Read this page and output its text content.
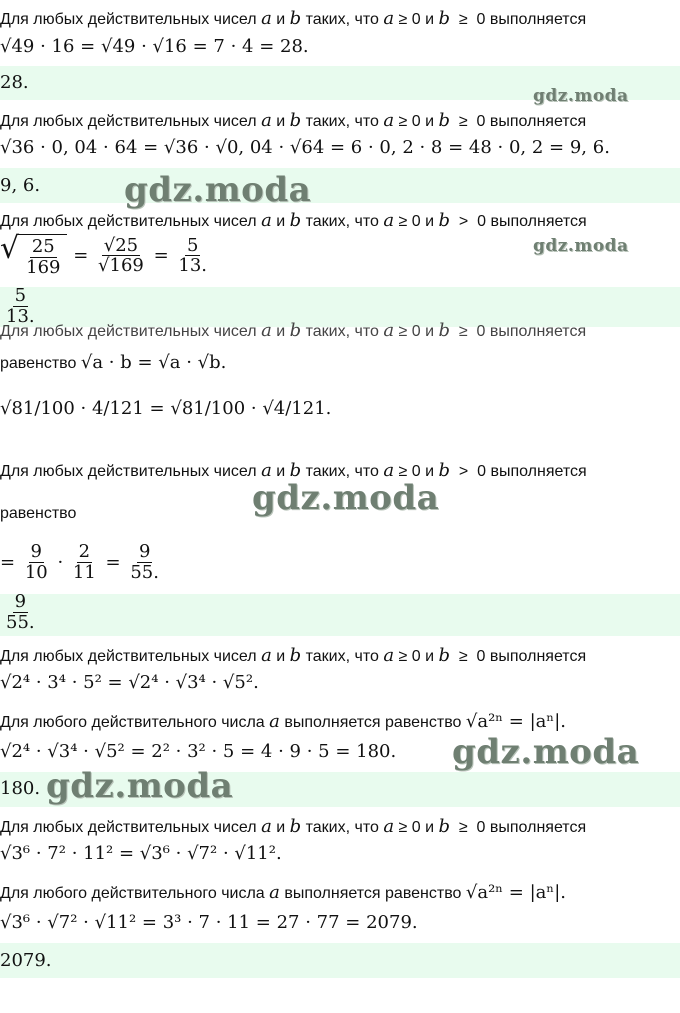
Для любых действительных чисел a и b таких, что a ≥ 0 и b  ≥  0 выполняется
√49 · 16 = √49 · √16 = 7 · 4 = 28.
28.
gdz.moda
Для любых действительных чисел a и b таких, что a ≥ 0 и b  ≥  0 выполняется
√36 · 0, 04 · 64 = √36 · √0, 04 · √64 = 6 · 0, 2 · 8 = 48 · 0, 2 = 9, 6.
9, 6. gdz.moda
Для любых действительных чисел a и b таких, что a ≥ 0 и b  >  0 выполняется
gdz.moda
√ $\frac{25}{169} = \frac{√25}{√169} = \frac{5}{13.}$
$\frac{5}{13.}$
Для любых действительных чисел a и b таких, что a ≥ 0 и b  ≥  0 выполняется
равенство √a · b = √a · √b.
√81/100 · 4/121 = √81/100 · √4/121.
Для любых действительных чисел a и b таких, что a ≥ 0 и b  >  0 выполняется
равенство	gdz.moda
=
$\frac{9}{10} \cdot \frac{2}{11} = \frac{9}{55.}$
$\frac{9}{55.}$
Для любых действительных чисел a и b таких, что a ≥ 0 и b  ≥  0 выполняется
√2⁴ · 3⁴ · 5² = √2⁴ · √3⁴ · √5².
Для любого действительного числа a выполняется равенство √a²ⁿ = |aⁿ|.
√2⁴ · √3⁴ · √5² = 2² · 3² · 5 = 4 · 9 · 5 = 180. gdz.moda
180. gdz.moda
Для любых действительных чисел a и b таких, что a ≥ 0 и b  ≥  0 выполняется
√3⁶ · 7² · 11² = √3⁶ · √7² · √11².
Для любого действительного числа a выполняется равенство √a²ⁿ = |aⁿ|.
√3⁶ · √7² · √11² = 3³ · 7 · 11 = 27 · 77 = 2079.
2079.
